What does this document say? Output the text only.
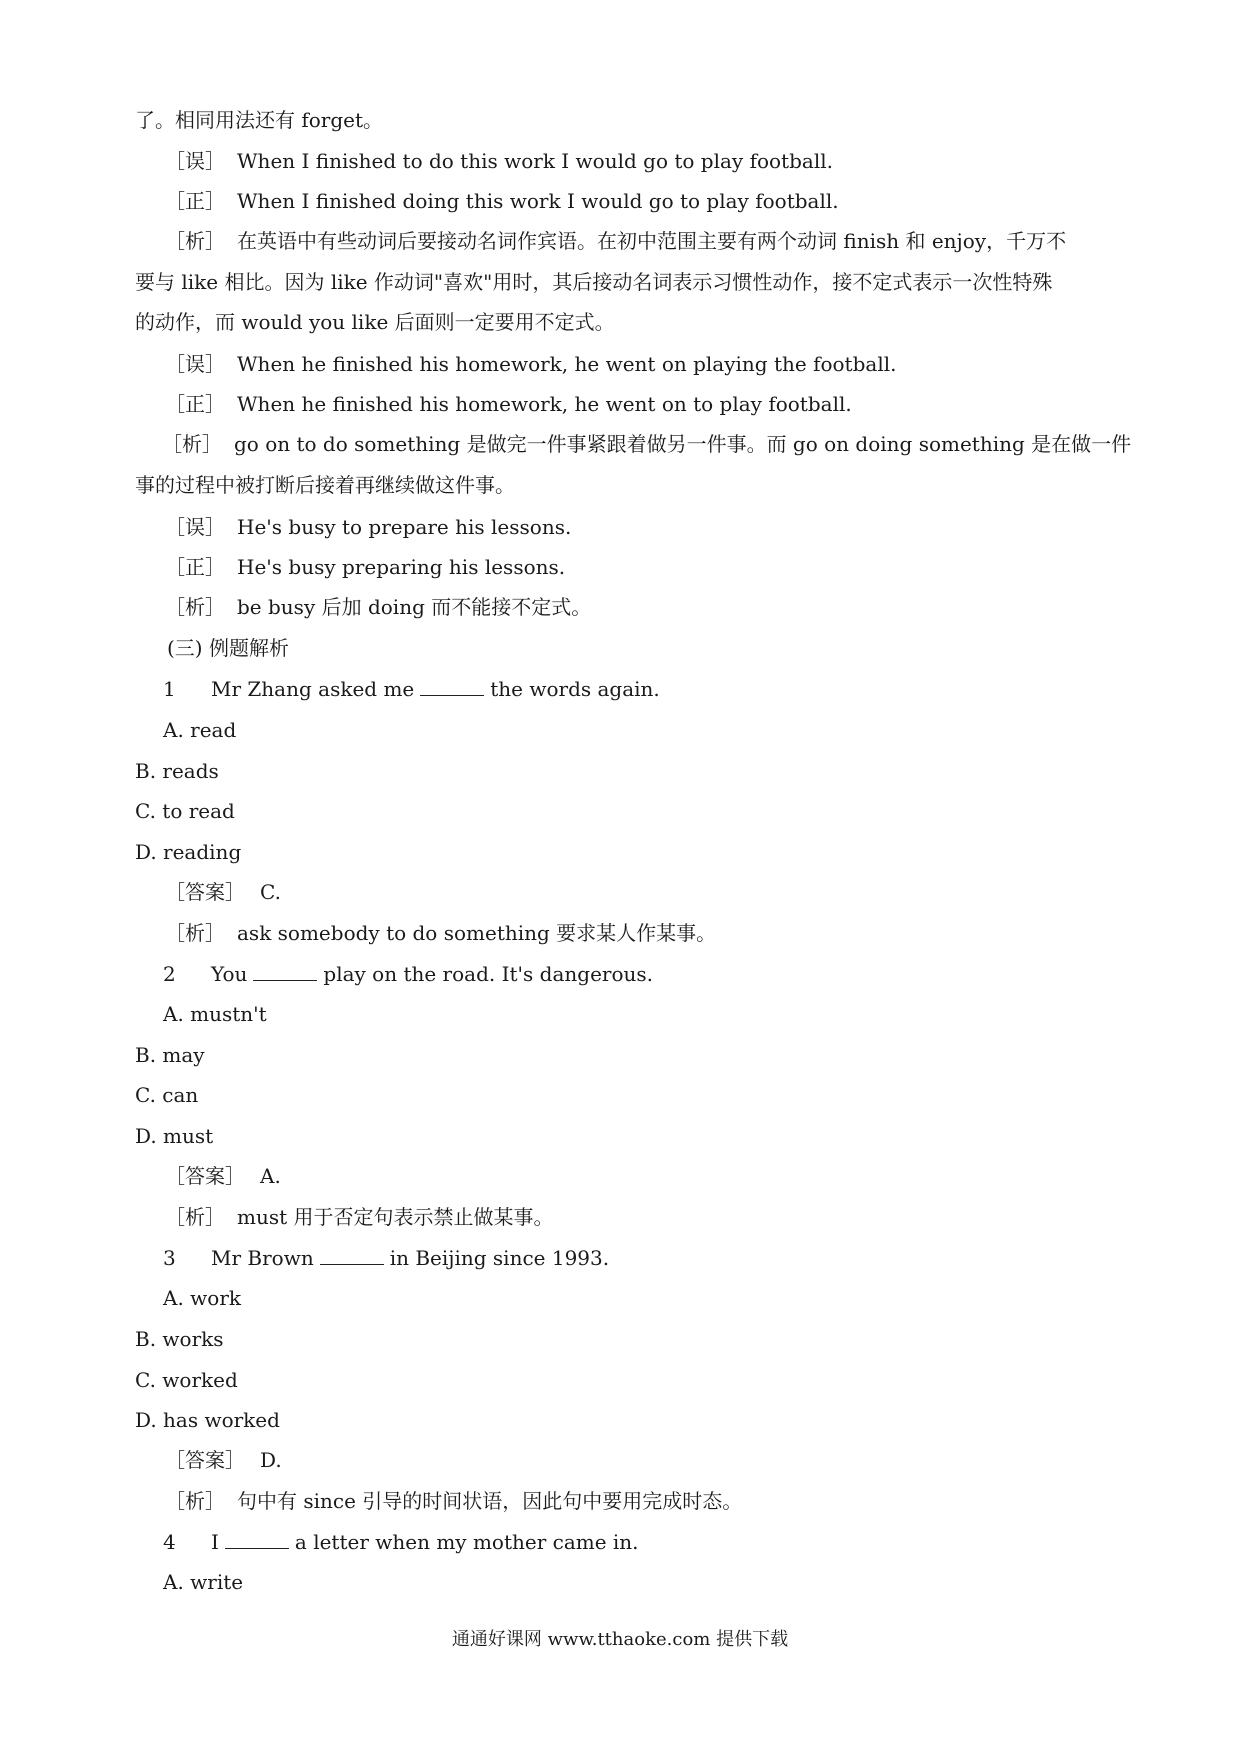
了。相同用法还有 forget。
［误］ When I finished to do this work I would go to play football.
［正］ When I finished doing this work I would go to play football.
［析］ 在英语中有些动词后要接动名词作宾语。在初中范围主要有两个动词 finish 和 enjoy，千万不
要与 like 相比。因为 like 作动词"喜欢"用时，其后接动名词表示习惯性动作，接不定式表示一次性特殊
的动作，而 would you like 后面则一定要用不定式。
［误］ When he finished his homework, he went on playing the football.
［正］ When he finished his homework, he went on to play football.
［析］ go on to do something 是做完一件事紧跟着做另一件事。而 go on doing something 是在做一件
事的过程中被打断后接着再继续做这件事。
［误］ He's busy to prepare his lessons.
［正］ He's busy preparing his lessons.
［析］ be busy 后加 doing 而不能接不定式。
(三) 例题解析
1 Mr Zhang asked me	the words again.
A. read
B. reads
C. to read
D. reading
［答案］ C.
［析］ ask somebody to do something 要求某人作某事。
2 You	play on the road. It's dangerous.
A. mustn't
B. may
C. can
D. must
［答案］ A.
［析］ must 用于否定句表示禁止做某事。
3 Mr Brown	in Beijing since 1993.
A. work
B. works
C. worked
D. has worked
［答案］ D.
［析］ 句中有 since 引导的时间状语，因此句中要用完成时态。
4 I	a letter when my mother came in.
A. write
通通好课网 www.tthaoke.com 提供下载
